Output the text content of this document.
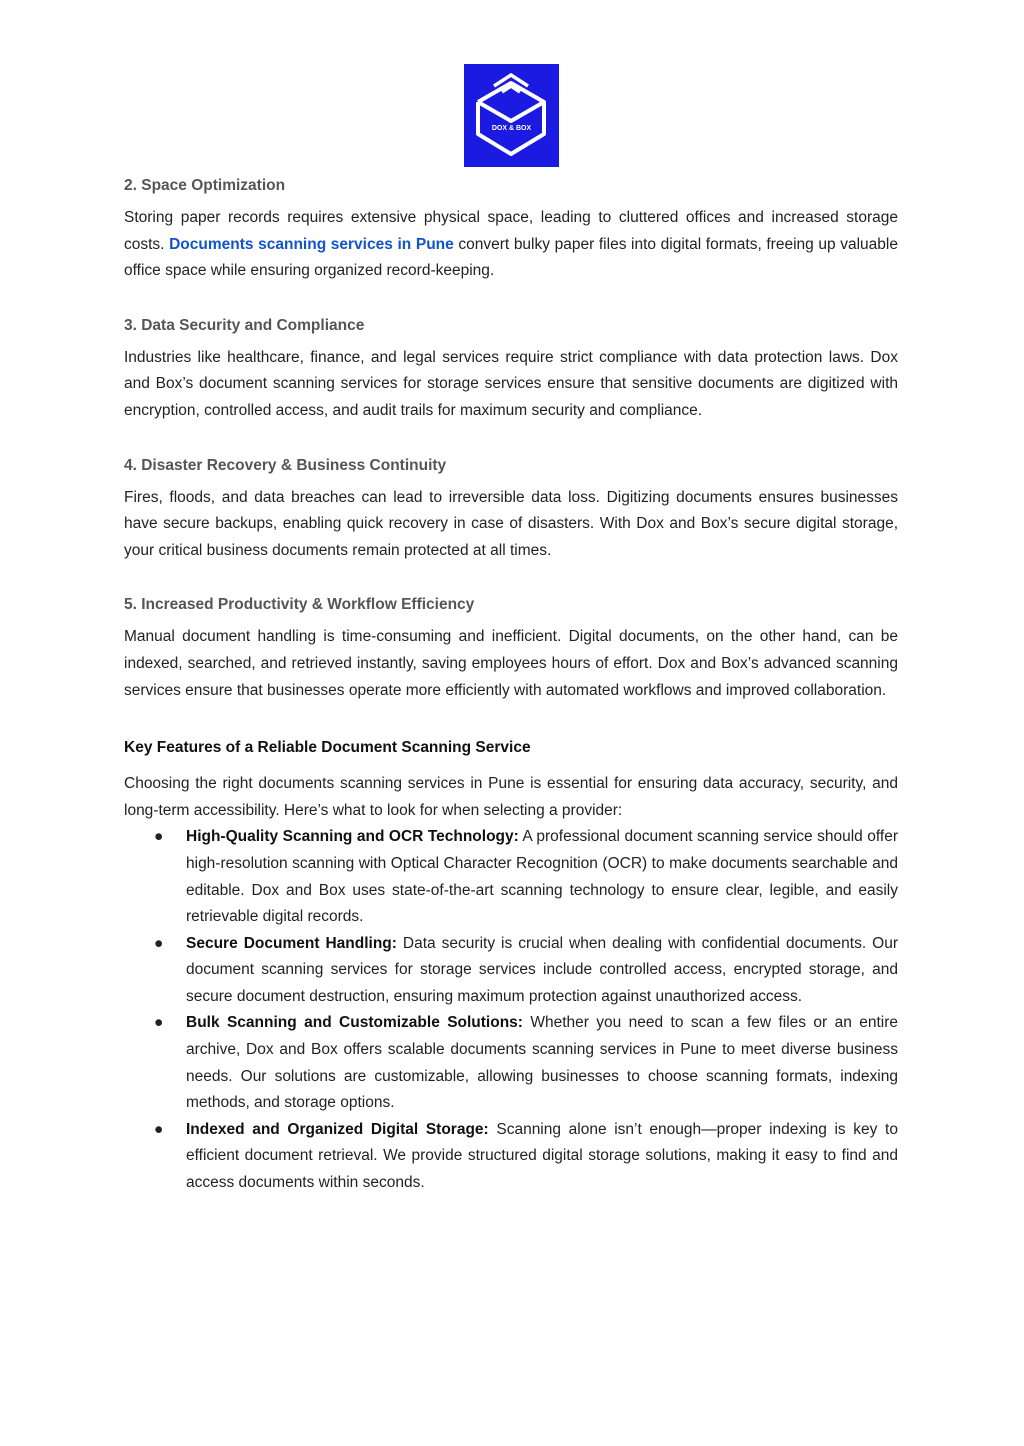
DOX & BOX
2. Space Optimization

Storing paper records requires extensive physical space, leading to cluttered offices and increased storage costs. Documents scanning services in Pune convert bulky paper files into digital formats, freeing up valuable office space while ensuring organized record-keeping.

3. Data Security and Compliance

Industries like healthcare, finance, and legal services require strict compliance with data protection laws. Dox and Box’s document scanning services for storage services ensure that sensitive documents are digitized with encryption, controlled access, and audit trails for maximum security and compliance.

4. Disaster Recovery & Business Continuity

Fires, floods, and data breaches can lead to irreversible data loss. Digitizing documents ensures businesses have secure backups, enabling quick recovery in case of disasters. With Dox and Box’s secure digital storage, your critical business documents remain protected at all times.

5. Increased Productivity & Workflow Efficiency

Manual document handling is time-consuming and inefficient. Digital documents, on the other hand, can be indexed, searched, and retrieved instantly, saving employees hours of effort. Dox and Box’s advanced scanning services ensure that businesses operate more efficiently with automated workflows and improved collaboration.

Key Features of a Reliable Document Scanning Service

Choosing the right documents scanning services in Pune is essential for ensuring data accuracy, security, and long-term accessibility. Here’s what to look for when selecting a provider:

● High-Quality Scanning and OCR Technology: A professional document scanning service should offer high-resolution scanning with Optical Character Recognition (OCR) to make documents searchable and editable. Dox and Box uses state-of-the-art scanning technology to ensure clear, legible, and easily retrievable digital records.
● Secure Document Handling: Data security is crucial when dealing with confidential documents. Our document scanning services for storage services include controlled access, encrypted storage, and secure document destruction, ensuring maximum protection against unauthorized access.
● Bulk Scanning and Customizable Solutions: Whether you need to scan a few files or an entire archive, Dox and Box offers scalable documents scanning services in Pune to meet diverse business needs. Our solutions are customizable, allowing businesses to choose scanning formats, indexing methods, and storage options.
● Indexed and Organized Digital Storage: Scanning alone isn’t enough—proper indexing is key to efficient document retrieval. We provide structured digital storage solutions, making it easy to find and access documents within seconds.
